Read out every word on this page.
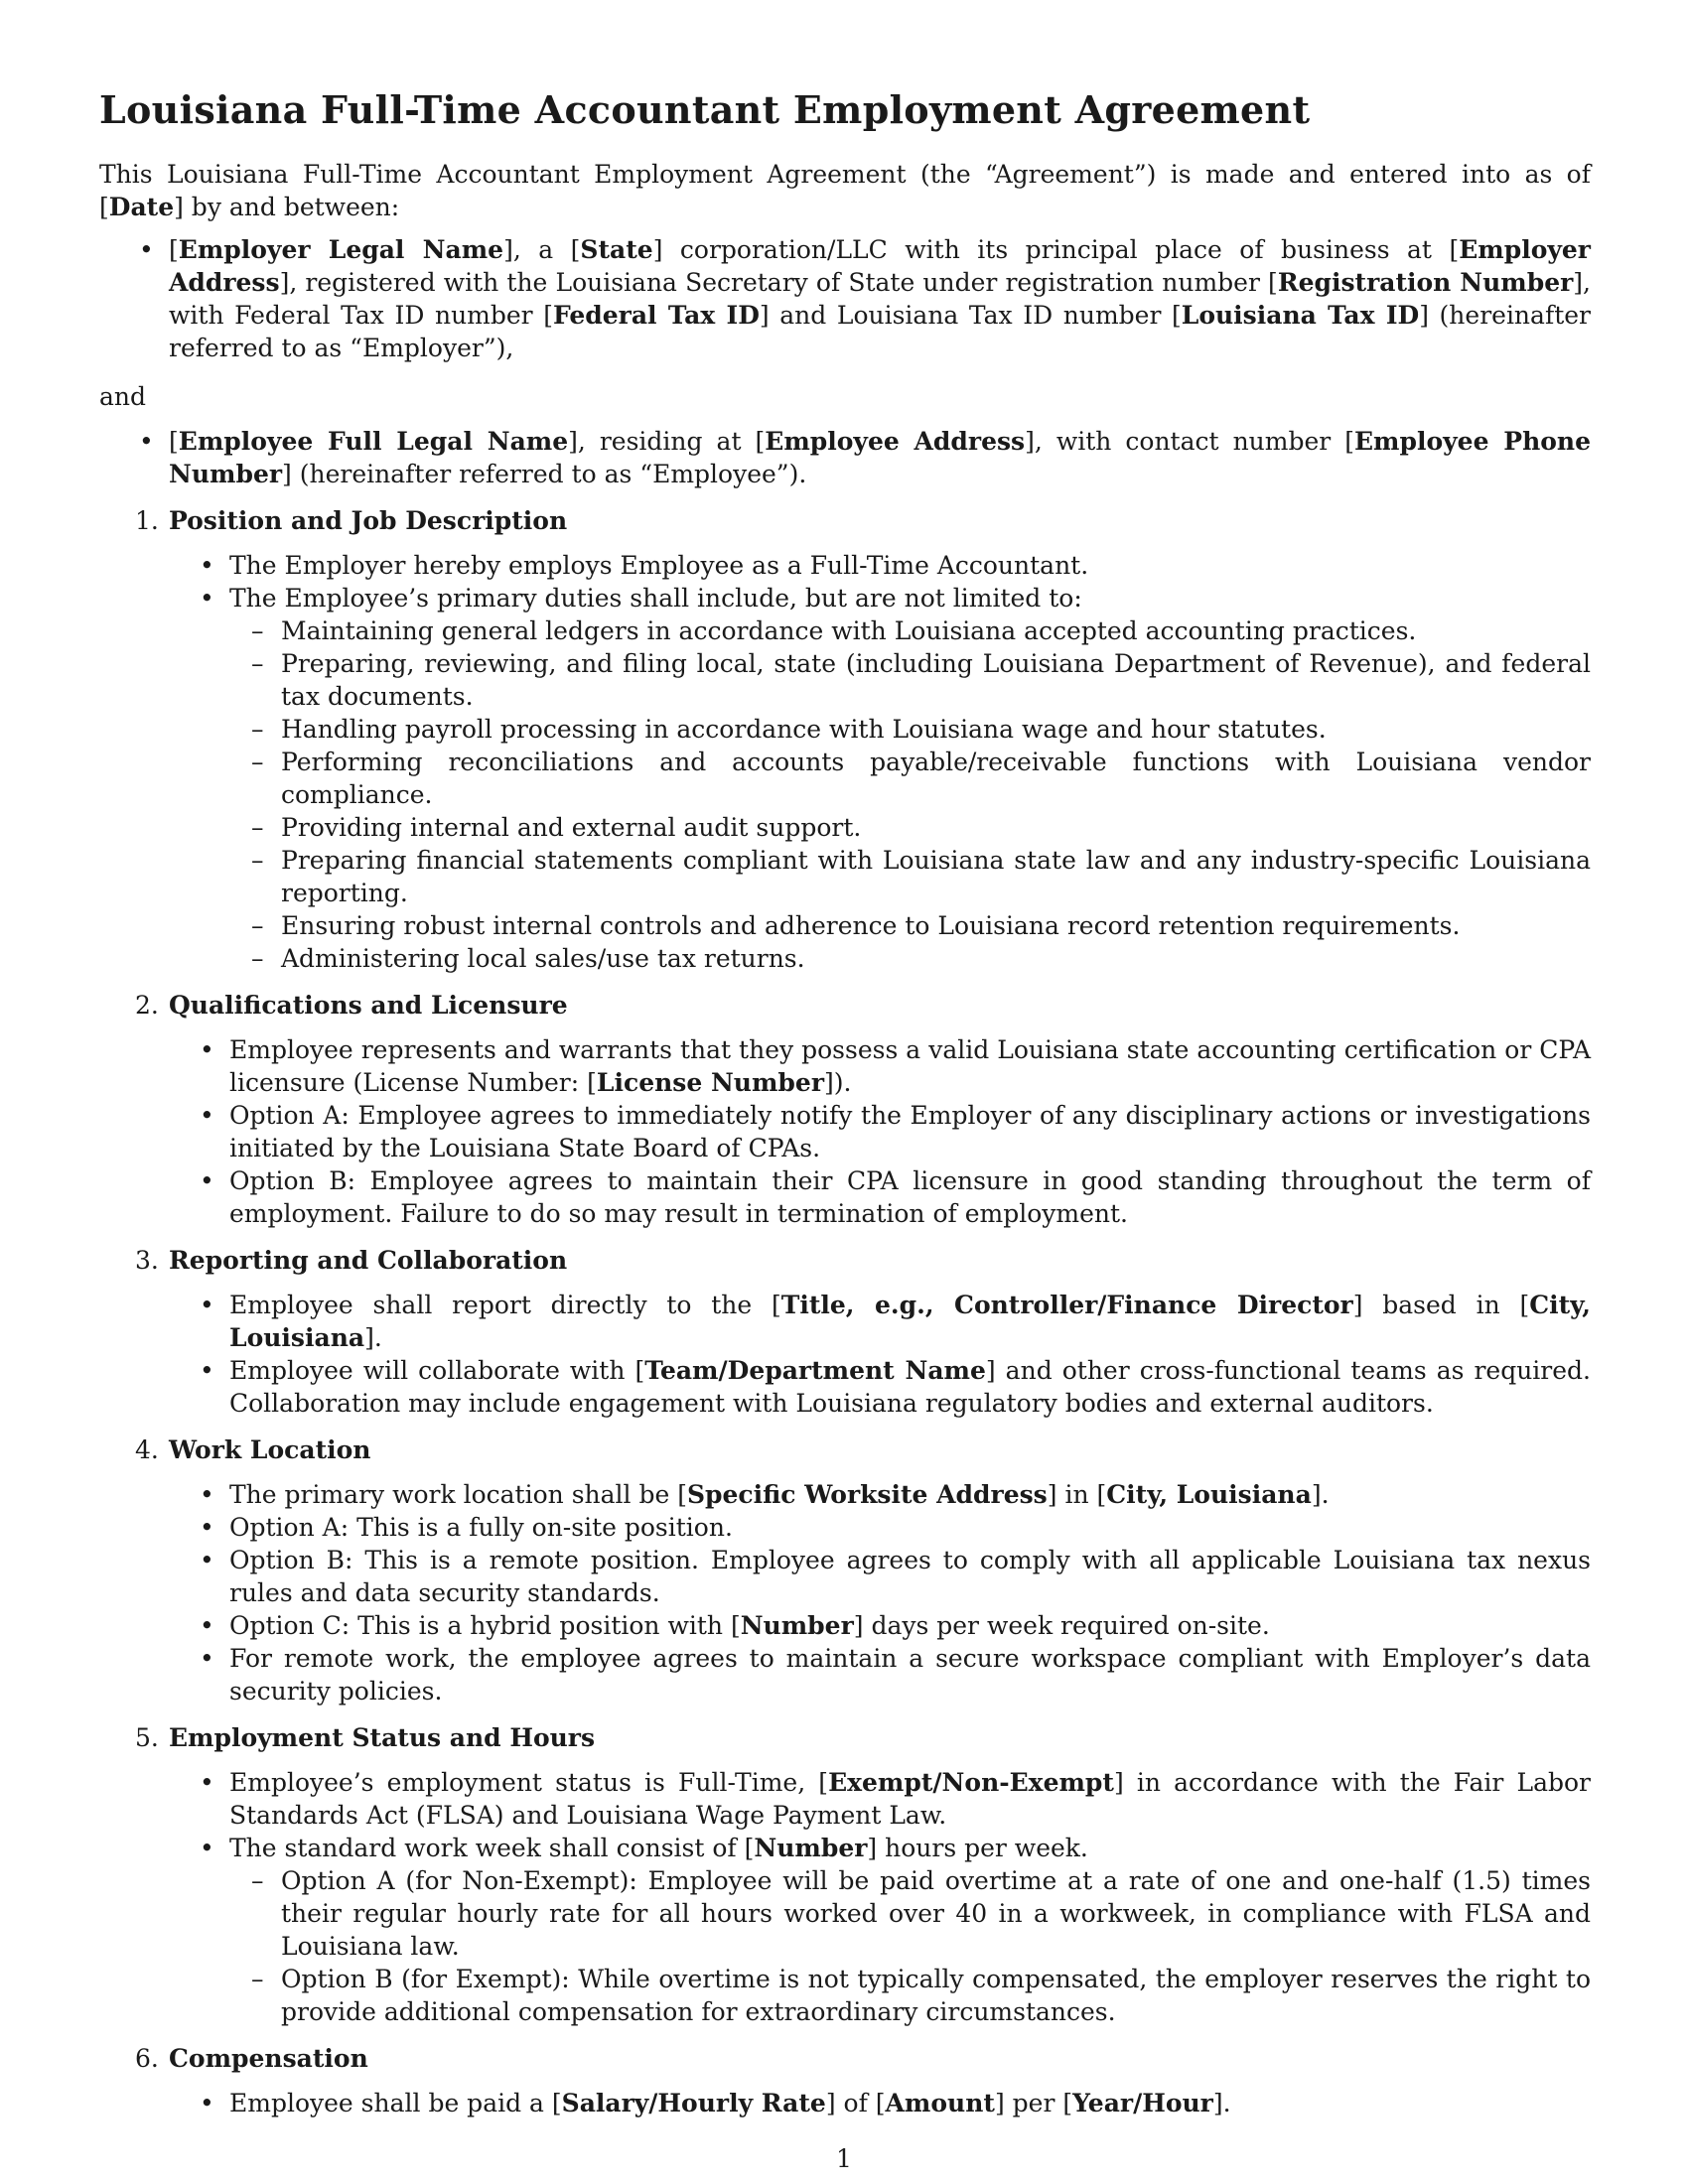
Louisiana Full-Time Accountant Employment Agreement

This Louisiana Full-Time Accountant Employment Agreement (the “Agreement”) is made and entered into as of [Date] by and between:

• [Employer Legal Name], a [State] corporation/LLC with its principal place of business at [Employer Address], registered with the Louisiana Secretary of State under registration number [Registration Number], with Federal Tax ID number [Federal Tax ID] and Louisiana Tax ID number [Louisiana Tax ID] (hereinafter referred to as “Employer”),

and

• [Employee Full Legal Name], residing at [Employee Address], with contact number [Employee Phone Number] (hereinafter referred to as “Employee”).
1. Position and Job Description
• The Employer hereby employs Employee as a Full-Time Accountant.
• The Employee’s primary duties shall include, but are not limited to:
– Maintaining general ledgers in accordance with Louisiana accepted accounting practices.
– Preparing, reviewing, and filing local, state (including Louisiana Department of Revenue), and federal tax documents.
– Handling payroll processing in accordance with Louisiana wage and hour statutes.
– Performing reconciliations and accounts payable/receivable functions with Louisiana vendor compliance.
– Providing internal and external audit support.
– Preparing financial statements compliant with Louisiana state law and any industry-specific Louisiana reporting.
– Ensuring robust internal controls and adherence to Louisiana record retention requirements.
– Administering local sales/use tax returns.
2. Qualifications and Licensure
• Employee represents and warrants that they possess a valid Louisiana state accounting certification or CPA licensure (License Number: [License Number]).
• Option A: Employee agrees to immediately notify the Employer of any disciplinary actions or investigations initiated by the Louisiana State Board of CPAs.
• Option B: Employee agrees to maintain their CPA licensure in good standing throughout the term of employment. Failure to do so may result in termination of employment.
3. Reporting and Collaboration
• Employee shall report directly to the [Title, e.g., Controller/Finance Director] based in [City, Louisiana].
• Employee will collaborate with [Team/Department Name] and other cross-functional teams as required. Collaboration may include engagement with Louisiana regulatory bodies and external auditors.
4. Work Location
• The primary work location shall be [Specific Worksite Address] in [City, Louisiana].
• Option A: This is a fully on-site position.
• Option B: This is a remote position. Employee agrees to comply with all applicable Louisiana tax nexus rules and data security standards.
• Option C: This is a hybrid position with [Number] days per week required on-site.
• For remote work, the employee agrees to maintain a secure workspace compliant with Employer’s data security policies.
5. Employment Status and Hours
• Employee’s employment status is Full-Time, [Exempt/Non-Exempt] in accordance with the Fair Labor Standards Act (FLSA) and Louisiana Wage Payment Law.
• The standard work week shall consist of [Number] hours per week.
– Option A (for Non-Exempt): Employee will be paid overtime at a rate of one and one-half (1.5) times their regular hourly rate for all hours worked over 40 in a workweek, in compliance with FLSA and Louisiana law.
– Option B (for Exempt): While overtime is not typically compensated, the employer reserves the right to provide additional compensation for extraordinary circumstances.
6. Compensation
• Employee shall be paid a [Salary/Hourly Rate] of [Amount] per [Year/Hour].
1
